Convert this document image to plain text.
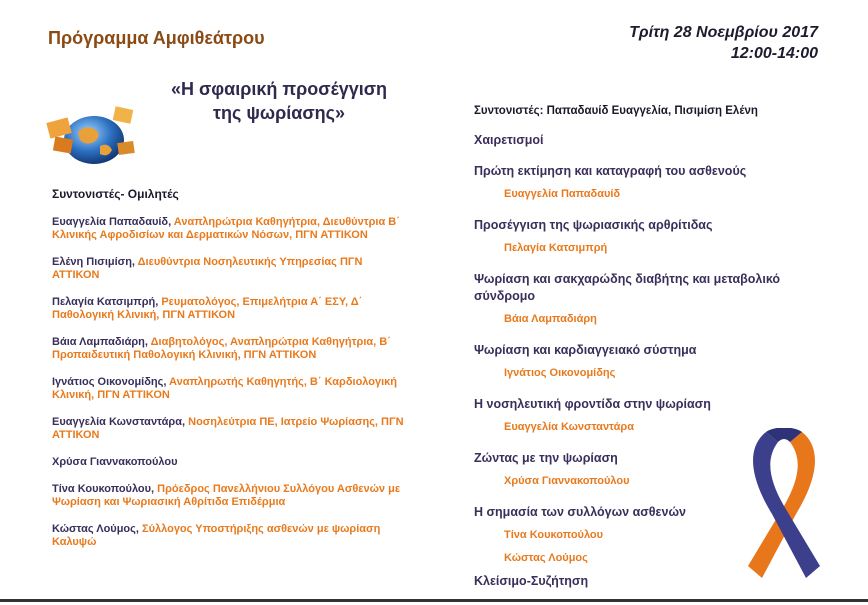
Πρόγραμμα Αμφιθεάτρου	Τρίτη 28 Νοεμβρίου 2017
12:00-14:00
«Η σφαιρική προσέγγιση
της ψωρίασης»
Συντονιστές- Ομιλητές
Ευαγγελία Παπαδαυίδ, Αναπληρώτρια Καθηγήτρια, Διευθύντρια Β΄ Κλινικής Αφροδισίων και Δερματικών Νόσων, ΠΓΝ ΑΤΤΙΚΟΝ
Ελένη Πισιμίση, Διευθύντρια Νοσηλευτικής Υπηρεσίας ΠΓΝ ΑΤΤΙΚΟΝ
Πελαγία Κατσιμπρή, Ρευματολόγος, Επιμελήτρια Α΄ ΕΣΥ, Δ΄ Παθολογική Κλινική, ΠΓΝ ΑΤΤΙΚΟΝ
Βάια Λαμπαδιάρη, Διαβητολόγος, Αναπληρώτρια Καθηγήτρια, Β΄ Προπαιδευτική Παθολογική Κλινική, ΠΓΝ ΑΤΤΙΚΟΝ
Ιγνάτιος Οικονομίδης, Αναπληρωτής Καθηγητής, Β΄ Καρδιολογική Κλινική, ΠΓΝ ΑΤΤΙΚΟΝ
Ευαγγελία Κωνσταντάρα, Νοσηλεύτρια ΠΕ, Ιατρείο Ψωρίασης, ΠΓΝ ΑΤΤΙΚΟΝ
Χρύσα Γιαννακοπούλου
Τίνα Κουκοπούλου, Πρόεδρος Πανελλήνιου Συλλόγου Ασθενών με Ψωρίαση και Ψωριασική Αθρίτιδα Επιδέρμια
Κώστας Λούμος, Σύλλογος Υποστήριξης ασθενών με ψωρίαση Καλυψώ
Συντονιστές: Παπαδαυίδ Ευαγγελία, Πισιμίση Ελένη
Χαιρετισμοί
Πρώτη εκτίμηση και καταγραφή του ασθενούς
Ευαγγελία Παπαδαυίδ
Προσέγγιση της ψωριασικής αρθρίτιδας
Πελαγία Κατσιμπρή
Ψωρίαση και σακχαρώδης διαβήτης και μεταβολικό σύνδρομο
Βάια Λαμπαδιάρη
Ψωρίαση και καρδιαγγειακό σύστημα
Ιγνάτιος Οικονομίδης
Η νοσηλευτική φροντίδα στην ψωρίαση
Ευαγγελία Κωνσταντάρα
Ζώντας με την ψωρίαση
Χρύσα Γιαννακοπούλου
Η σημασία των συλλόγων ασθενών
Τίνα Κουκοπούλου
Κώστας Λούμος
Κλείσιμο-Συζήτηση
